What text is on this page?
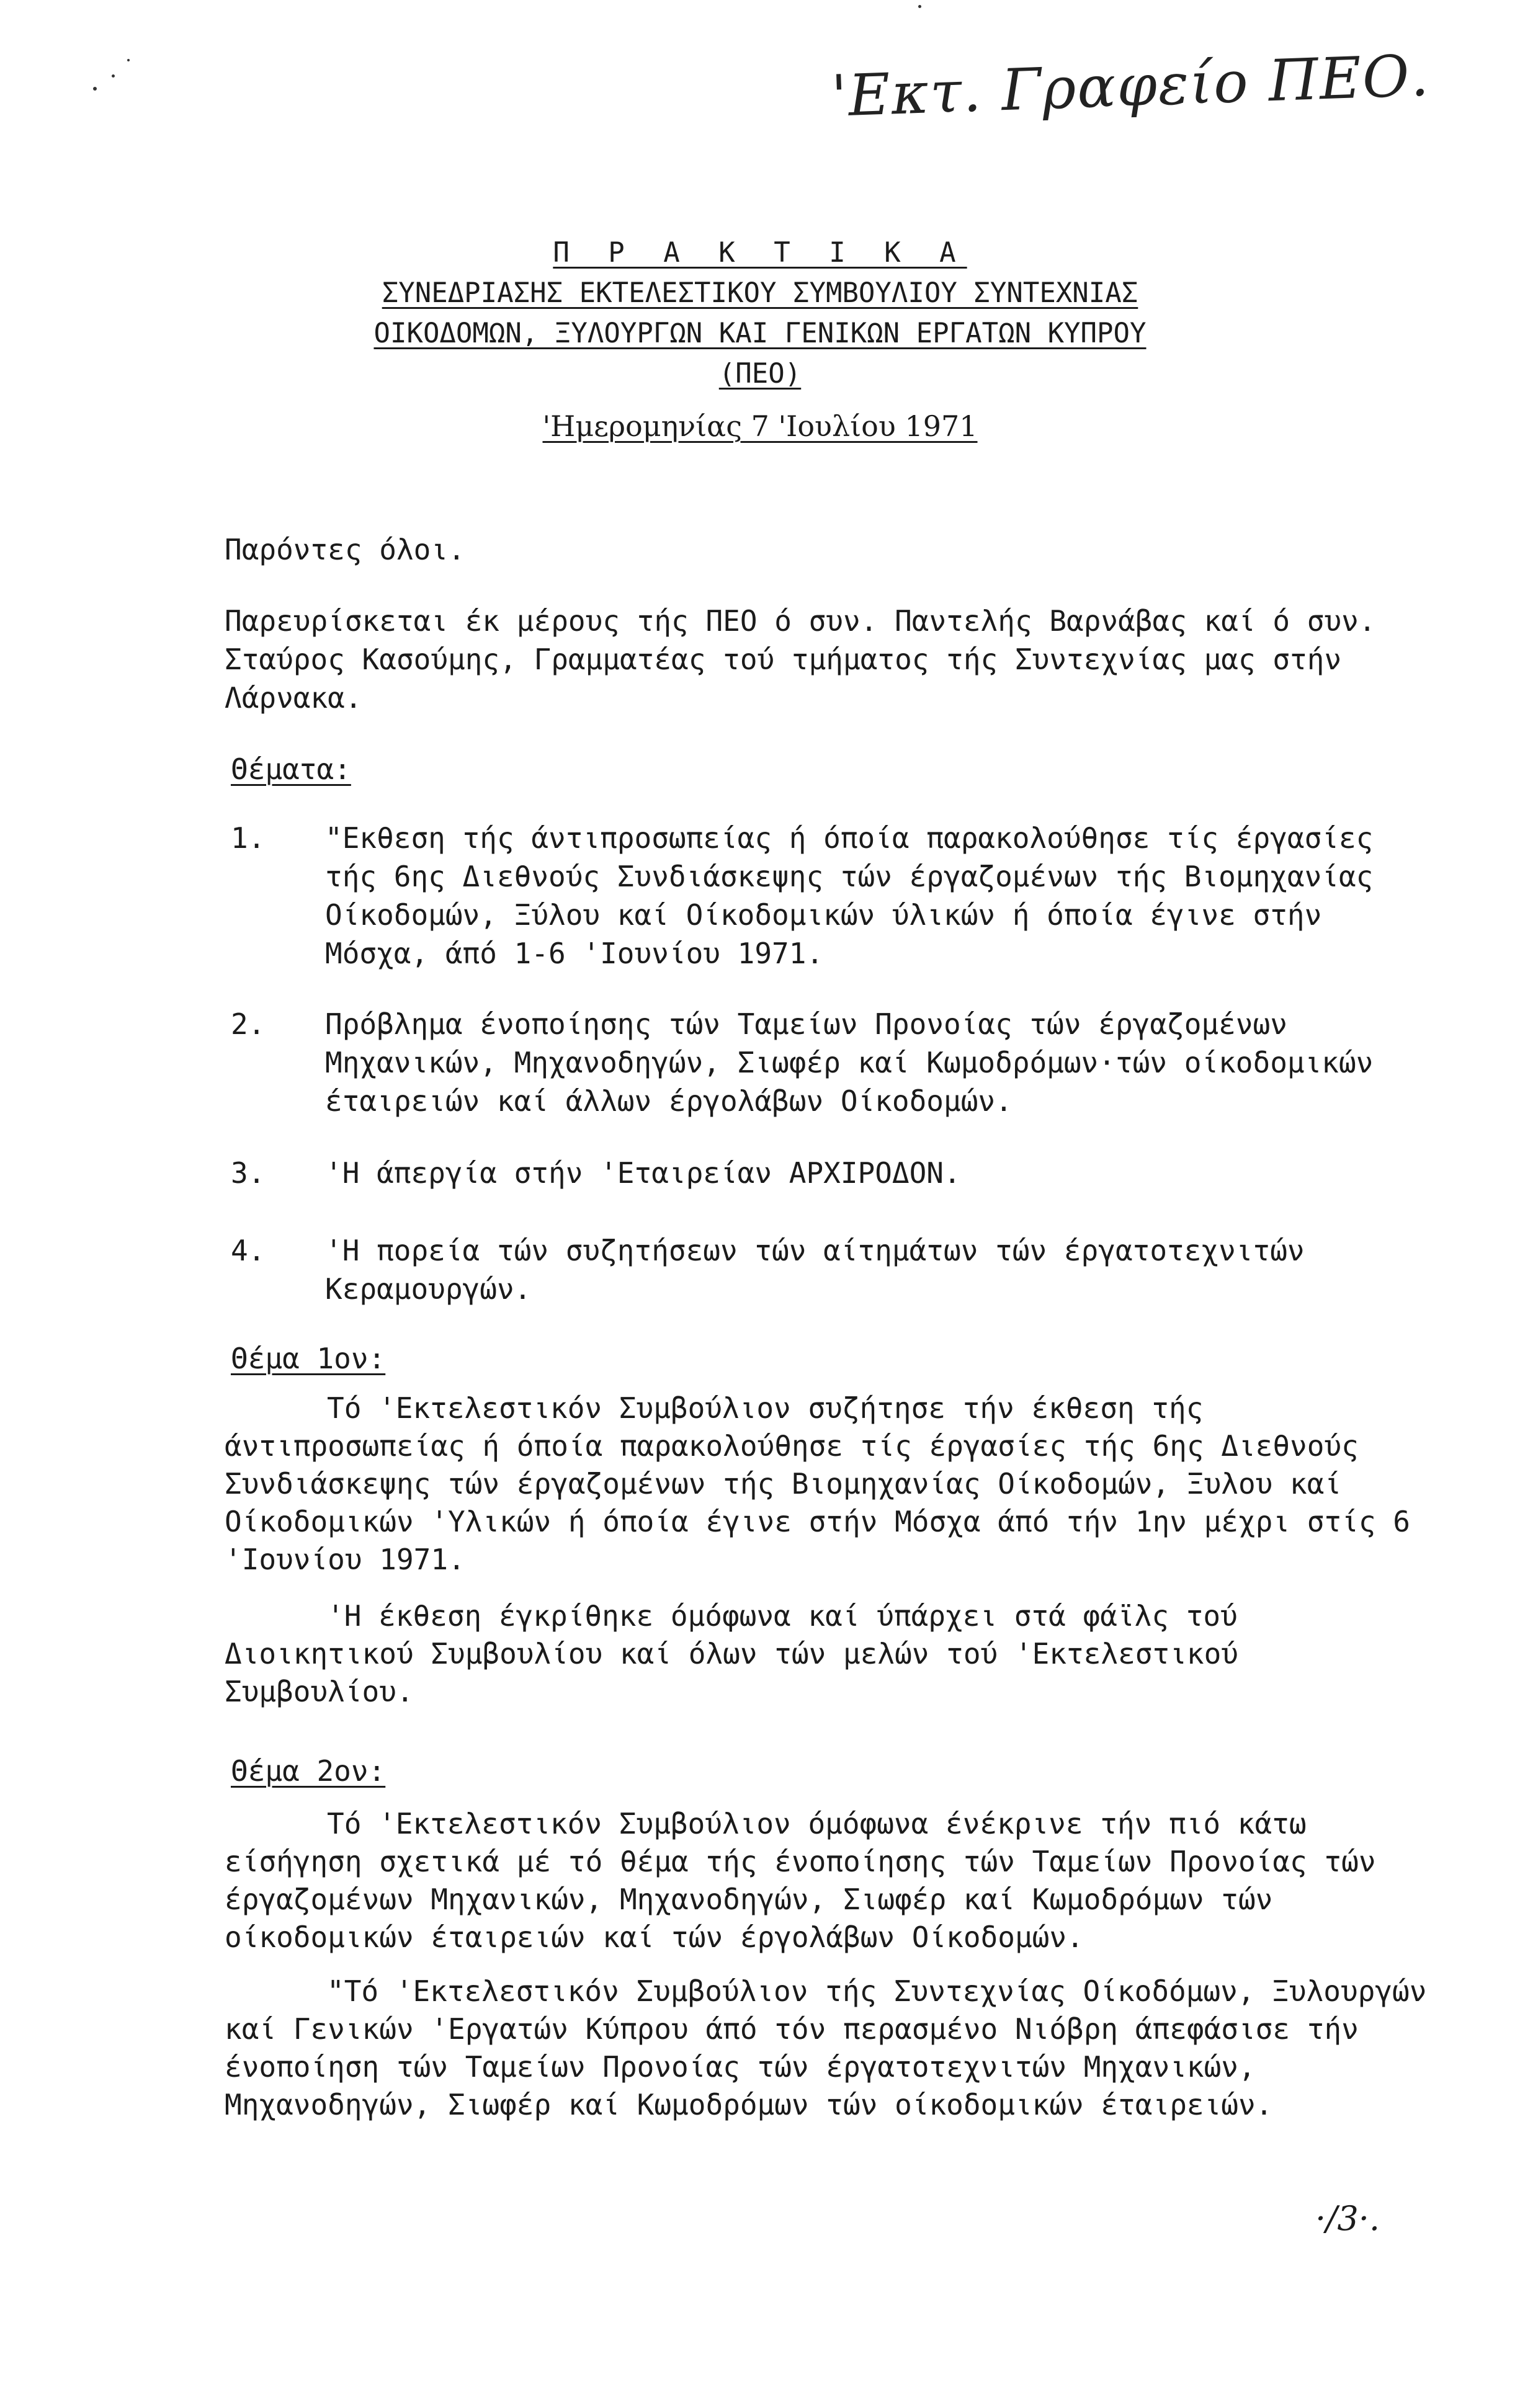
'Εκτ. Γραφείο ΠΕΟ.
Π Ρ Α Κ Τ Ι Κ Α
ΣΥΝΕΔΡΙΑΣΗΣ ΕΚΤΕΛΕΣΤΙΚΟΥ ΣΥΜΒΟΥΛΙΟΥ ΣΥΝΤΕΧΝΙΑΣ
ΟΙΚΟΔΟΜΩΝ, ΞΥΛΟΥΡΓΩΝ ΚΑΙ ΓΕΝΙΚΩΝ ΕΡΓΑΤΩΝ ΚΥΠΡΟΥ
(ΠΕΟ)
'Ημερομηνίας 7 'Ιουλίου 1971
Παρόντες όλοι.
Παρευρίσκεται έκ μέρους τής ΠΕΟ ό συν. Παντελής Βαρνάβας καί ό συν. Σταύρος Κασούμης, Γραμματέας τού τμήματος τής Συντεχνίας μας στήν Λάρνακα.
Θέματα:
1. "Εκθεση τής άντιπροσωπείας ή όποία παρακολούθησε τίς έργασίες τής 6ης Διεθνούς Συνδιάσκεψης τών έργαζομένων τής Βιομηχανίας Οίκοδομών, Ξύλου καί Οίκοδομικών ύλικών ή όποία έγινε στήν Μόσχα, άπό 1-6 'Ιουνίου 1971.
2. Πρόβλημα ένοποίησης τών Ταμείων Προνοίας τών έργαζομένων Μηχανικών, Μηχανοδηγών, Σιωφέρ καί Κωμοδρόμων·τών οίκοδομικών έταιρειών καί άλλων έργολάβων Οίκοδομών.
3. 'Η άπεργία στήν 'Εταιρείαν ΑΡΧΙΡΟΔΟΝ.
4. 'Η πορεία τών συζητήσεων τών αίτημάτων τών έργατοτεχνιτών Κεραμουργών.
Θέμα 1ον:
Τό 'Εκτελεστικόν Συμβούλιον συζήτησε τήν έκθεση τής άντιπροσωπείας ή όποία παρακολούθησε τίς έργασίες τής 6ης Διεθνούς Συνδιάσκεψης τών έργαζομένων τής Βιομηχανίας Οίκοδομών, Ξυλου καί Οίκοδομικών 'Υλικών ή όποία έγινε στήν Μόσχα άπό τήν 1ην μέχρι στίς 6 'Ιουνίου 1971.
'Η έκθεση έγκρίθηκε όμόφωνα καί ύπάρχει στά φάϊλς τού Διοικητικού Συμβουλίου καί όλων τών μελών τού 'Εκτελεστικού Συμβουλίου.
Θέμα 2ον:
Τό 'Εκτελεστικόν Συμβούλιον όμόφωνα ένέκρινε τήν πιό κάτω είσήγηση σχετικά μέ τό θέμα τής ένοποίησης τών Ταμείων Προνοίας τών έργαζομένων Μηχανικών, Μηχανοδηγών, Σιωφέρ καί Κωμοδρόμων τών οίκοδομικών έταιρειών καί τών έργολάβων Οίκοδομών.
"Τό 'Εκτελεστικόν Συμβούλιον τής Συντεχνίας Οίκοδόμων, Ξυλουργών καί Γενικών 'Εργατών Κύπρου άπό τόν περασμένο Νιόβρη άπεφάσισε τήν ένοποίηση τών Ταμείων Προνοίας τών έργατοτεχνιτών Μηχανικών, Μηχανοδηγών, Σιωφέρ καί Κωμοδρόμων τών οίκοδομικών έταιρειών.
·/3·.
